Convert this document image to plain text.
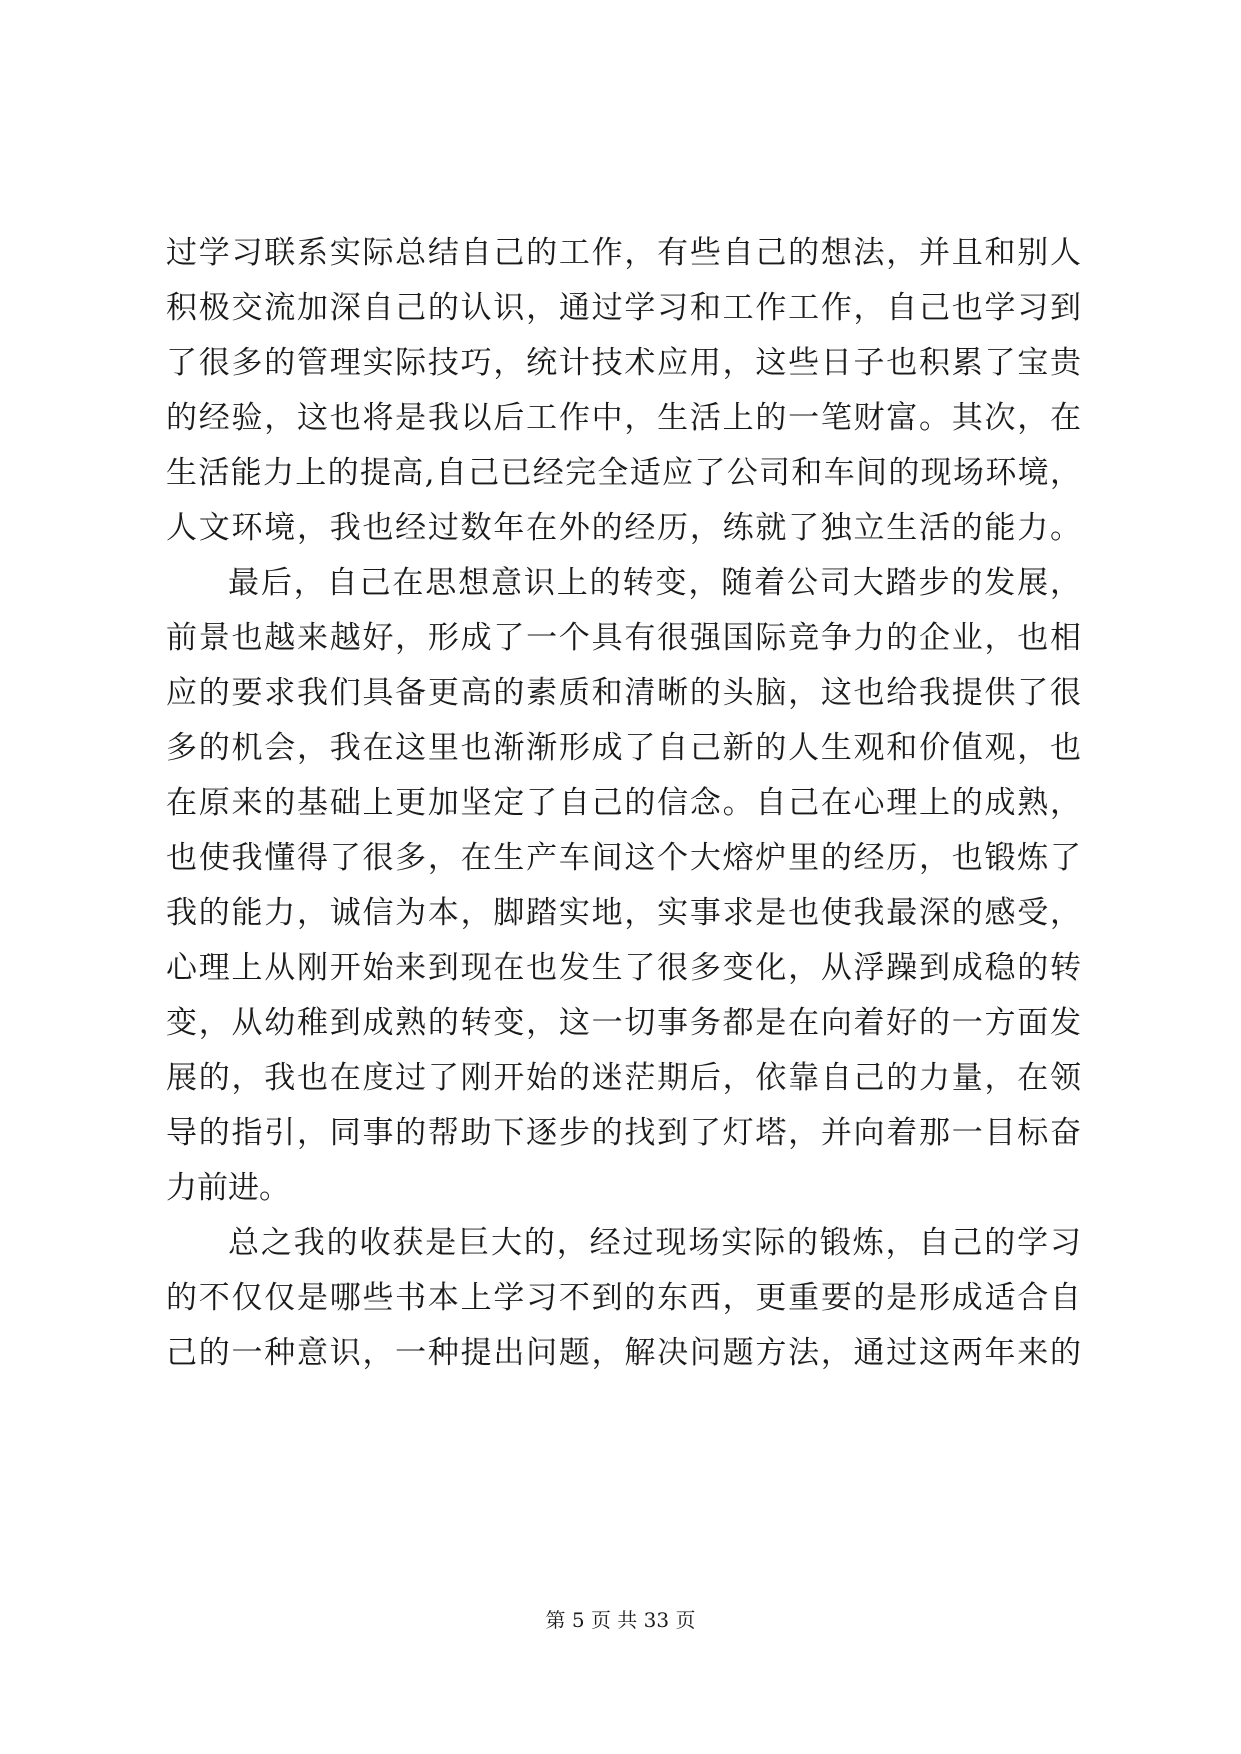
过学习联系实际总结自己的工作，有些自己的想法，并且和别人
积极交流加深自己的认识，通过学习和工作工作，自己也学习到
了很多的管理实际技巧，统计技术应用，这些日子也积累了宝贵
的经验，这也将是我以后工作中，生活上的一笔财富。其次，在
生活能力上的提高,自己已经完全适应了公司和车间的现场环境，
人文环境，我也经过数年在外的经历，练就了独立生活的能力。
最后，自己在思想意识上的转变，随着公司大踏步的发展，
前景也越来越好，形成了一个具有很强国际竞争力的企业，也相
应的要求我们具备更高的素质和清晰的头脑，这也给我提供了很
多的机会，我在这里也渐渐形成了自己新的人生观和价值观，也
在原来的基础上更加坚定了自己的信念。自己在心理上的成熟，
也使我懂得了很多，在生产车间这个大熔炉里的经历，也锻炼了
我的能力，诚信为本，脚踏实地，实事求是也使我最深的感受，
心理上从刚开始来到现在也发生了很多变化，从浮躁到成稳的转
变，从幼稚到成熟的转变，这一切事务都是在向着好的一方面发
展的，我也在度过了刚开始的迷茫期后，依靠自己的力量，在领
导的指引，同事的帮助下逐步的找到了灯塔，并向着那一目标奋
力前进。
总之我的收获是巨大的，经过现场实际的锻炼，自己的学习
的不仅仅是哪些书本上学习不到的东西，更重要的是形成适合自
己的一种意识，一种提出问题，解决问题方法，通过这两年来的
第 5 页 共 33 页
